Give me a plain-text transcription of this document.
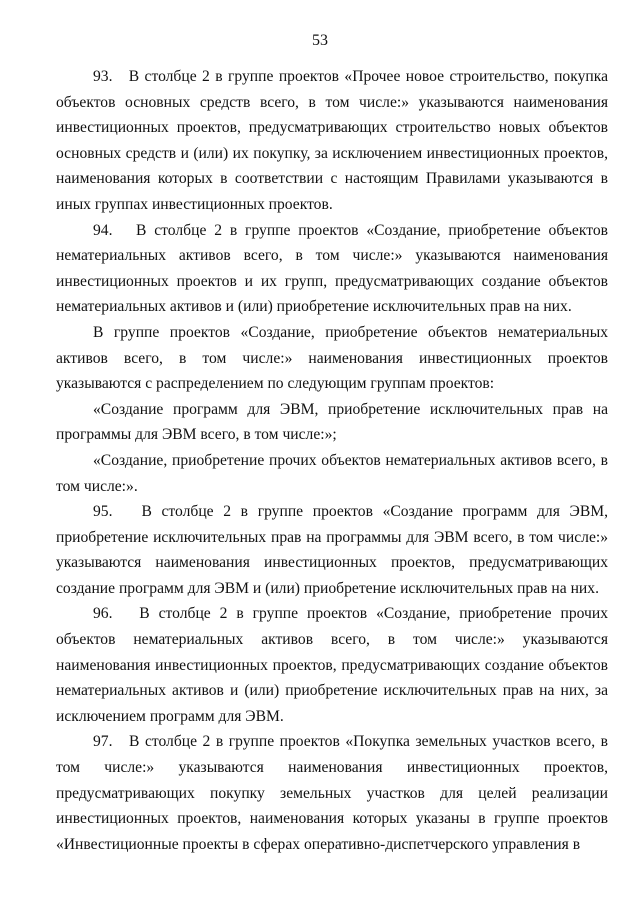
53

93.   В столбце 2 в группе проектов «Прочее новое строительство, покупка объектов основных средств всего, в том числе:» указываются наименования инвестиционных проектов, предусматривающих строительство новых объектов основных средств и (или) их покупку, за исключением инвестиционных проектов, наименования которых в соответствии с настоящим Правилами указываются в иных группах инвестиционных проектов.

94.   В столбце 2 в группе проектов «Создание, приобретение объектов нематериальных активов всего, в том числе:» указываются наименования инвестиционных проектов и их групп, предусматривающих создание объектов нематериальных активов и (или) приобретение исключительных прав на них.

В группе проектов «Создание, приобретение объектов нематериальных активов всего, в том числе:» наименования инвестиционных проектов указываются с распределением по следующим группам проектов:

«Создание программ для ЭВМ, приобретение исключительных прав на программы для ЭВМ всего, в том числе:»;

«Создание, приобретение прочих объектов нематериальных активов всего, в том числе:».

95.   В столбце 2 в группе проектов «Создание программ для ЭВМ, приобретение исключительных прав на программы для ЭВМ всего, в том числе:» указываются наименования инвестиционных проектов, предусматривающих создание программ для ЭВМ и (или) приобретение исключительных прав на них.

96.   В столбце 2 в группе проектов «Создание, приобретение прочих объектов нематериальных активов всего, в том числе:» указываются наименования инвестиционных проектов, предусматривающих создание объектов нематериальных активов и (или) приобретение исключительных прав на них, за исключением программ для ЭВМ.

97.   В столбце 2 в группе проектов «Покупка земельных участков всего, в том числе:» указываются наименования инвестиционных проектов, предусматривающих покупку земельных участков для целей реализации инвестиционных проектов, наименования которых указаны в группе проектов «Инвестиционные проекты в сферах оперативно-диспетчерского управления в
